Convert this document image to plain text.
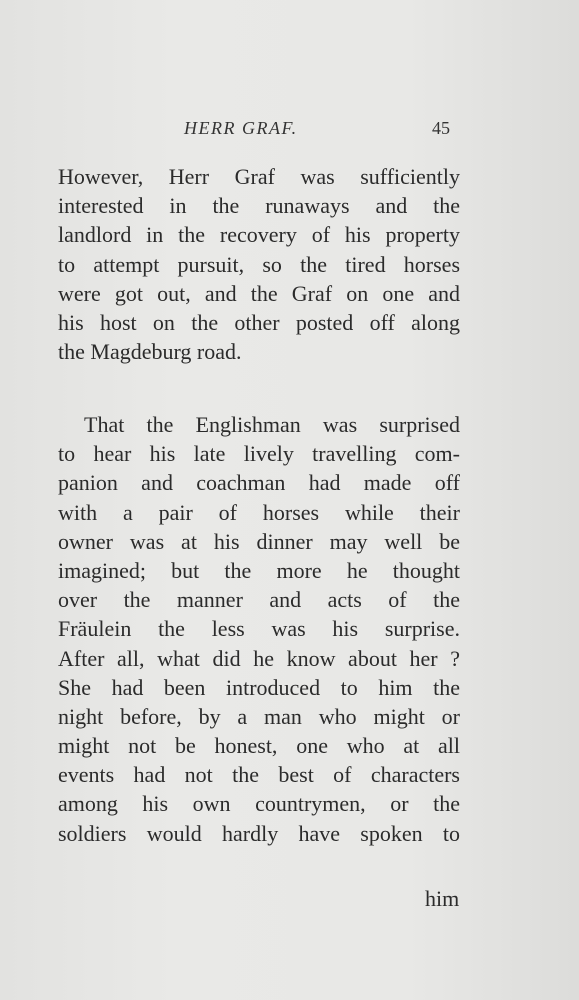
HERR GRAF.	45
However, Herr Graf was sufficiently
interested in the runaways and the
landlord in the recovery of his property
to attempt pursuit, so the tired horses
were got out, and the Graf on one and
his host on the other posted off along
the Magdeburg road.
That the Englishman was surprised
to hear his late lively travelling com-
panion and coachman had made off
with a pair of horses while their
owner was at his dinner may well be
imagined; but the more he thought
over the manner and acts of the
Fräulein the less was his surprise.
After all, what did he know about her ?
She had been introduced to him the
night before, by a man who might or
might not be honest, one who at all
events had not the best of characters
among his own countrymen, or the
soldiers would hardly have spoken to
him
